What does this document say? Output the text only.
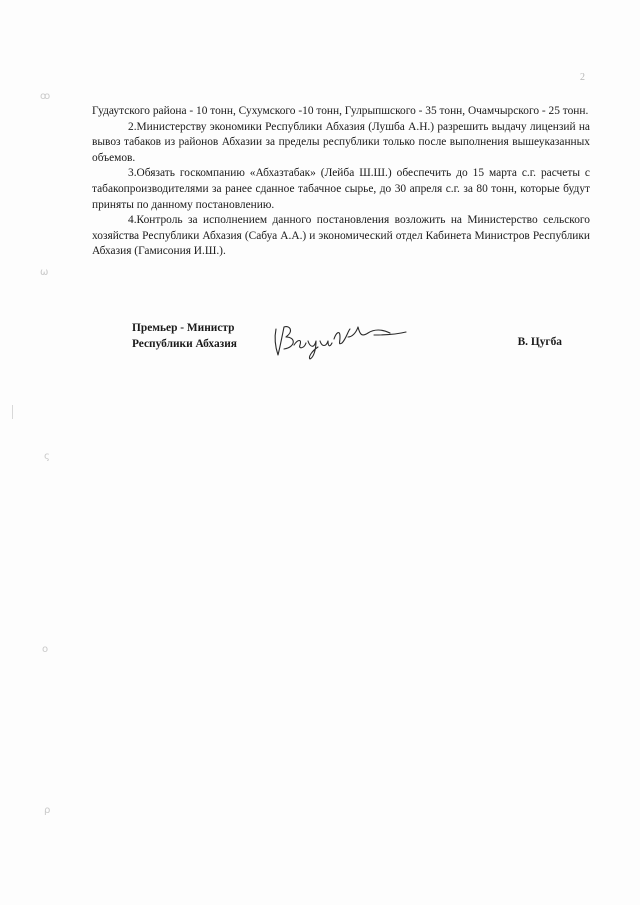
2
ꝏ
ω
ς
ο
ρ

Гудаутского района - 10 тонн, Сухумского -10 тонн, Гулрыпшского - 35 тонн, Очамчырского - 25 тонн.

2.Министерству экономики Республики Абхазия (Лушба А.Н.) разрешить выдачу лицензий на вывоз табаков из районов Абхазии за пределы республики только после выполнения вышеуказанных объемов.

3.Обязать госкомпанию «Абхазтабак» (Лейба Ш.Ш.) обеспечить до 15 марта с.г. расчеты с табакопроизводителями за ранее сданное табачное сырье, до 30 апреля с.г. за 80 тонн, которые будут приняты по данному постановлению.

4.Контроль за исполнением данного постановления возложить на Министерство сельского хозяйства Республики Абхазия (Сабуа А.А.) и экономический отдел Кабинета Министров Республики Абхазия (Гамисония И.Ш.).

Премьер - Министр
Республики Абхазия	В. Цугба
